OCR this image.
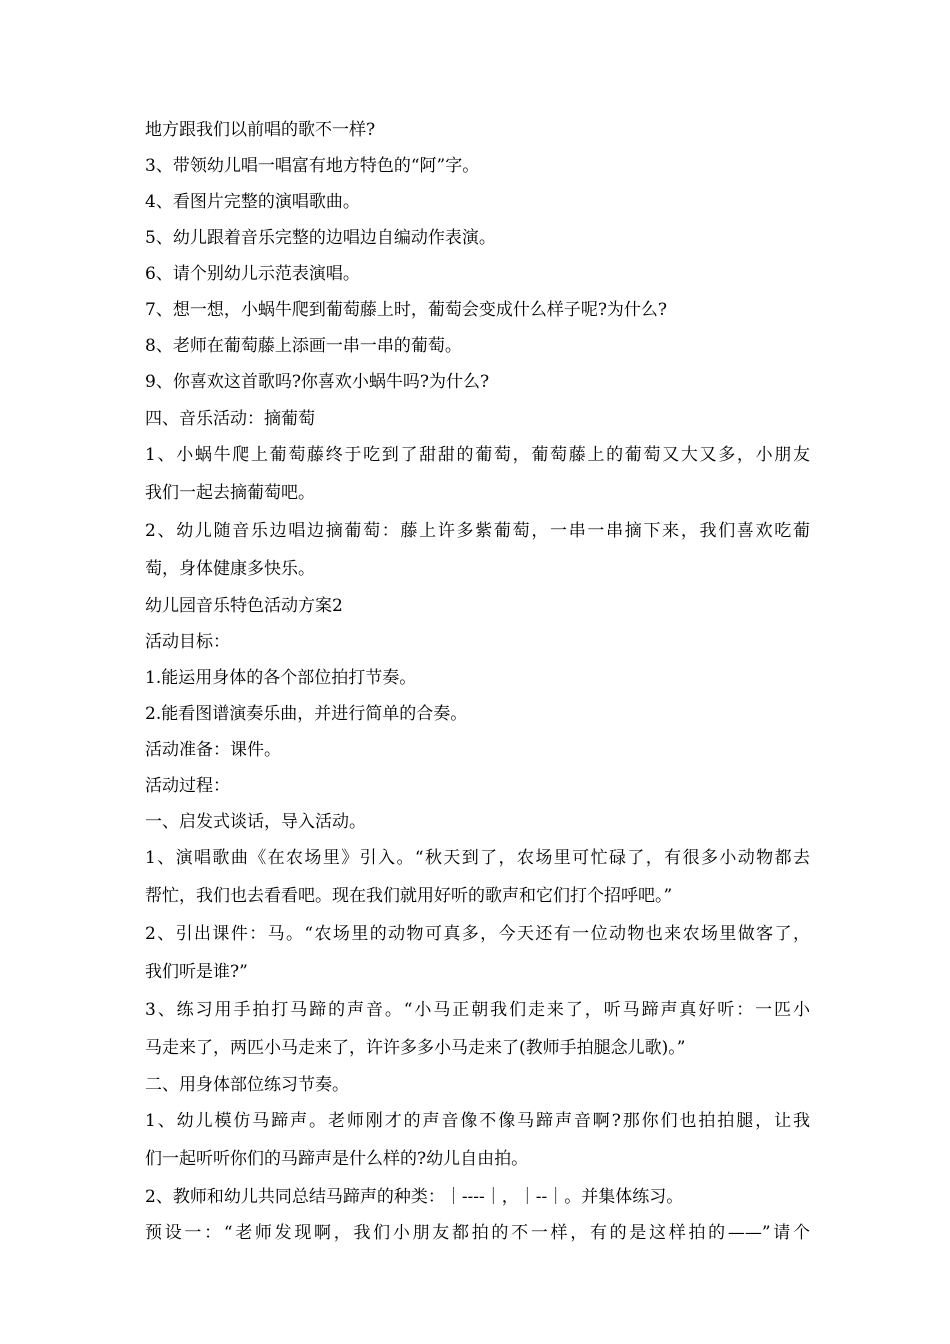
地方跟我们以前唱的歌不一样?
3、带领幼儿唱一唱富有地方特色的“阿”字。
4、看图片完整的演唱歌曲。
5、幼儿跟着音乐完整的边唱边自编动作表演。
6、请个别幼儿示范表演唱。
7、想一想，小蜗牛爬到葡萄藤上时，葡萄会变成什么样子呢?为什么?
8、老师在葡萄藤上添画一串一串的葡萄。
9、你喜欢这首歌吗?你喜欢小蜗牛吗?为什么?
四、音乐活动：摘葡萄
1、小蜗牛爬上葡萄藤终于吃到了甜甜的葡萄，葡萄藤上的葡萄又大又多，小朋友
我们一起去摘葡萄吧。
2、幼儿随音乐边唱边摘葡萄：藤上许多紫葡萄，一串一串摘下来，我们喜欢吃葡
萄，身体健康多快乐。
幼儿园音乐特色活动方案2
活动目标：
1.能运用身体的各个部位拍打节奏。
2.能看图谱演奏乐曲，并进行简单的合奏。
活动准备：课件。
活动过程：
一、启发式谈话，导入活动。
1、演唱歌曲《在农场里》引入。“秋天到了，农场里可忙碌了，有很多小动物都去
帮忙，我们也去看看吧。现在我们就用好听的歌声和它们打个招呼吧。”
2、引出课件：马。“农场里的动物可真多，今天还有一位动物也来农场里做客了，
我们听是谁?”
3、练习用手拍打马蹄的声音。“小马正朝我们走来了，听马蹄声真好听：一匹小
马走来了，两匹小马走来了，许许多多小马走来了(教师手拍腿念儿歌)。”
二、用身体部位练习节奏。
1、幼儿模仿马蹄声。老师刚才的声音像不像马蹄声音啊?那你们也拍拍腿，让我
们一起听听你们的马蹄声是什么样的?幼儿自由拍。
2、教师和幼儿共同总结马蹄声的种类：｜----｜，｜--｜。并集体练习。
预设一：“老师发现啊，我们小朋友都拍的不一样，有的是这样拍的——”请个
